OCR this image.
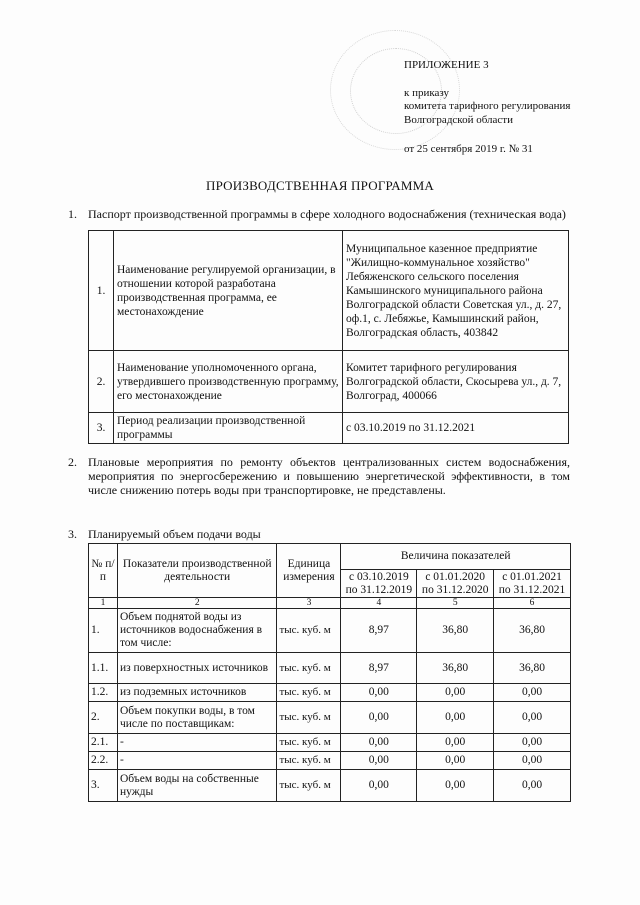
ПРИЛОЖЕНИЕ 3
к приказу
комитета тарифного регулирования
Волгоградской области
от 25 сентября 2019 г. № 31
ПРОИЗВОДСТВЕННАЯ ПРОГРАММА
1. Паспорт производственной программы в сфере холодного водоснабжения (техническая вода)
1.	Наименование регулируемой организации, в отношении которой разработана производственная программа, ее местонахождение	Муниципальное казенное предприятие "Жилищно-коммунальное хозяйство" Лебяженского сельского поселения Камышинского муниципального района Волгоградской области Советская ул., д. 27, оф.1, с. Лебяжье, Камышинский район, Волгоградская область, 403842
2.	Наименование уполномоченного органа, утвердившего производственную программу, его местонахождение	Комитет тарифного регулирования Волгоградской области, Скосырева ул., д. 7, Волгоград, 400066
3.	Период реализации производственной программы	с 03.10.2019 по 31.12.2021
2. Плановые мероприятия по ремонту объектов централизованных систем водоснабжения, мероприятия по энергосбережению и повышению энергетической эффективности, в том числе снижению потерь воды при транспортировке, не представлены.
3. Планируемый объем подачи воды
№ п/п	Показатели производственной деятельности	Единица измерения	Величина показателей		
			с 03.10.2019 по 31.12.2019	с 01.01.2020 по 31.12.2020	с 01.01.2021 по 31.12.2021
1	2	3	4	5	6
1.	Объем поднятой воды из источников водоснабжения в том числе:	тыс. куб. м	8,97	36,80	36,80
1.1.	из поверхностных источников	тыс. куб. м	8,97	36,80	36,80
1.2.	из подземных источников	тыс. куб. м	0,00	0,00	0,00
2.	Объем покупки воды, в том числе по поставщикам:	тыс. куб. м	0,00	0,00	0,00
2.1.	-	тыс. куб. м	0,00	0,00	0,00
2.2.	-	тыс. куб. м	0,00	0,00	0,00
3.	Объем воды на собственные нужды	тыс. куб. м	0,00	0,00	0,00
